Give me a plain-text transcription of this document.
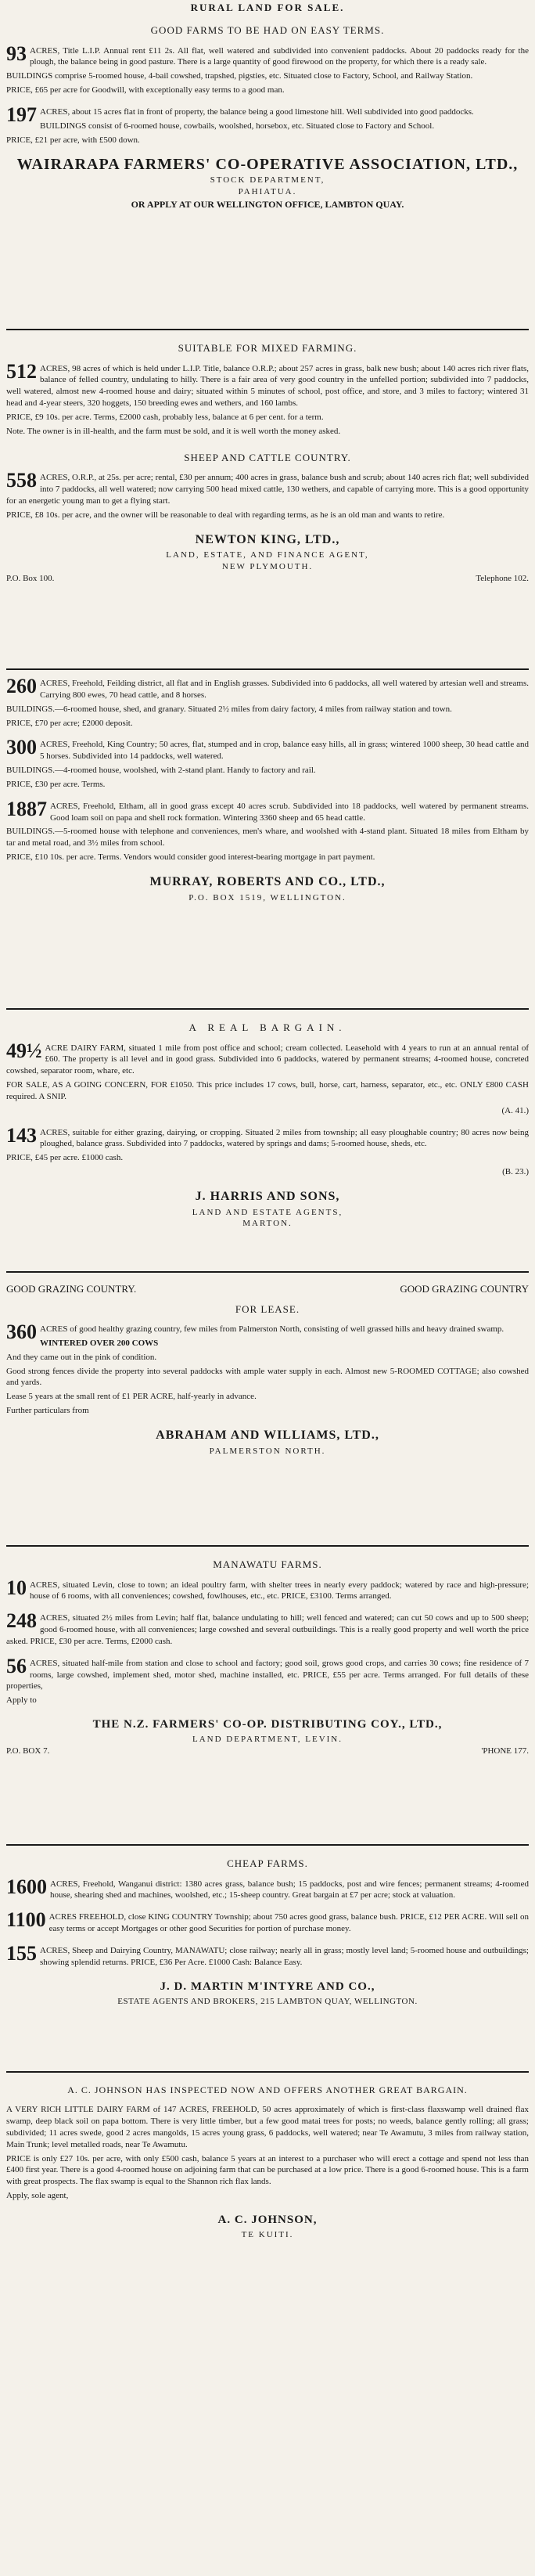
RURAL LAND FOR SALE.
GOOD FARMS TO BE HAD ON EASY TERMS.
93 ACRES, Title L.I.P. Annual rent £11 2s. All flat, well watered and subdivided into convenient paddocks. About 20 paddocks ready for the plough, the balance being in good pasture. There is a large quantity of good firewood on the property, for which there is a ready sale.

BUILDINGS comprise 5-roomed house, 4-bail cowshed, trapshed, pigsties, etc. Situated close to Factory, School, and Railway Station.

PRICE, £65 per acre for Goodwill, with exceptionally easy terms to a good man.

197 ACRES, about 15 acres flat in front of property, the balance being a good limestone hill. Well subdivided into good paddocks.

BUILDINGS consist of 6-roomed house, cowbails, woolshed, horsebox, etc. Situated close to Factory and School.

PRICE, £21 per acre, with £500 down.

WAIRARAPA FARMERS' CO-OPERATIVE ASSOCIATION, LTD.,
STOCK DEPARTMENT,
PAHIATUA.
OR APPLY AT OUR WELLINGTON OFFICE, LAMBTON QUAY.
SUITABLE FOR MIXED FARMING.
512 ACRES, 98 acres of which is held under L.I.P. Title, balance O.R.P.; about 257 acres in grass, balk new bush; about 140 acres rich river flats, balance of felled country, undulating to hilly. There is a fair area of very good country in the unfelled portion; subdivided into 7 paddocks, well watered, almost new 4-roomed house and dairy; situated within 5 minutes of school, post office, and store, and 3 miles to factory; wintered 31 head and 4-year steers, 320 hoggets, 150 breeding ewes and wethers, and 160 lambs.

PRICE, £9 10s. per acre. Terms, £2000 cash, probably less, balance at 6 per cent. for a term.

Note. The owner is in ill-health, and the farm must be sold, and it is well worth the money asked.

SHEEP AND CATTLE COUNTRY.
558 ACRES, O.R.P., at 25s. per acre; rental, £30 per annum; 400 acres in grass, balance bush and scrub; about 140 acres rich flat; well subdivided into 7 paddocks, all well watered; now carrying 500 head mixed cattle, 130 wethers, and capable of carrying more. This is a good opportunity for an energetic young man to get a flying start.

PRICE, £8 10s. per acre, and the owner will be reasonable to deal with regarding terms, as he is an old man and wants to retire.

NEWTON KING, LTD.,
LAND, ESTATE, AND FINANCE AGENT,
NEW PLYMOUTH.
P.O. Box 100.	Telephone 102.
260 ACRES, Freehold, Feilding district, all flat and in English grasses. Subdivided into 6 paddocks, all well watered by artesian well and streams. Carrying 800 ewes, 70 head cattle, and 8 horses.

BUILDINGS.—6-roomed house, shed, and granary. Situated 2½ miles from dairy factory, 4 miles from railway station and town.

PRICE, £70 per acre; £2000 deposit.

300 ACRES, Freehold, King Country; 50 acres, flat, stumped and in crop, balance easy hills, all in grass; wintered 1000 sheep, 30 head cattle and 5 horses. Subdivided into 14 paddocks, well watered.

BUILDINGS.—4-roomed house, woolshed, with 2-stand plant. Handy to factory and rail.

PRICE, £30 per acre. Terms.

1887 ACRES, Freehold, Eltham, all in good grass except 40 acres scrub. Subdivided into 18 paddocks, well watered by permanent streams. Good loam soil on papa and shell rock formation. Wintering 3360 sheep and 65 head cattle.

BUILDINGS.—5-roomed house with telephone and conveniences, men's whare, and woolshed with 4-stand plant. Situated 18 miles from Eltham by tar and metal road, and 3½ miles from school.

PRICE, £10 10s. per acre. Terms. Vendors would consider good interest-bearing mortgage in part payment.

MURRAY, ROBERTS AND CO., LTD.,
P.O. BOX 1519, WELLINGTON.
A REAL BARGAIN.
49½ ACRE DAIRY FARM, situated 1 mile from post office and school; cream collected. Leasehold with 4 years to run at an annual rental of £60. The property is all level and in good grass. Subdivided into 6 paddocks, watered by permanent streams; 4-roomed house, concreted cowshed, separator room, whare, etc.

FOR SALE, AS A GOING CONCERN, FOR £1050. This price includes 17 cows, bull, horse, cart, harness, separator, etc., etc. ONLY £800 CASH required. A SNIP.

(A. 41.)

143 ACRES, suitable for either grazing, dairying, or cropping. Situated 2 miles from township; all easy ploughable country; 80 acres now being ploughed, balance grass. Subdivided into 7 paddocks, watered by springs and dams; 5-roomed house, sheds, etc.

PRICE, £45 per acre. £1000 cash.

(B. 23.)

J. HARRIS AND SONS,
LAND AND ESTATE AGENTS,
MARTON.
GOOD GRAZING COUNTRY.	GOOD GRAZING COUNTRY
FOR LEASE.
360 ACRES of good healthy grazing country, few miles from Palmerston North, consisting of well grassed hills and heavy drained swamp.

WINTERED OVER 200 COWS

And they came out in the pink of condition.

Good strong fences divide the property into several paddocks with ample water supply in each. Almost new 5-ROOMED COTTAGE; also cowshed and yards.

Lease 5 years at the small rent of £1 PER ACRE, half-yearly in advance.

Further particulars from

ABRAHAM AND WILLIAMS, LTD.,
PALMERSTON NORTH.
MANAWATU FARMS.
10 ACRES, situated Levin, close to town; an ideal poultry farm, with shelter trees in nearly every paddock; watered by race and high-pressure; house of 6 rooms, with all conveniences; cowshed, fowlhouses, etc., etc. PRICE, £3100. Terms arranged.

248 ACRES, situated 2½ miles from Levin; half flat, balance undulating to hill; well fenced and watered; can cut 50 cows and up to 500 sheep; good 6-roomed house, with all conveniences; large cowshed and several outbuildings. This is a really good property and well worth the price asked. PRICE, £30 per acre. Terms, £2000 cash.

56 ACRES, situated half-mile from station and close to school and factory; good soil, grows good crops, and carries 30 cows; fine residence of 7 rooms, large cowshed, implement shed, motor shed, machine installed, etc. PRICE, £55 per acre. Terms arranged. For full details of these properties,

Apply to

THE N.Z. FARMERS' CO-OP. DISTRIBUTING COY., LTD.,
LAND DEPARTMENT, LEVIN.
P.O. BOX 7.	'PHONE 177.
CHEAP FARMS.
1600 ACRES, Freehold, Wanganui district: 1380 acres grass, balance bush; 15 paddocks, post and wire fences; permanent streams; 4-roomed house, shearing shed and machines, woolshed, etc.; 15-sheep country. Great bargain at £7 per acre; stock at valuation.

1100 ACRES FREEHOLD, close KING COUNTRY Township; about 750 acres good grass, balance bush. PRICE, £12 PER ACRE. Will sell on easy terms or accept Mortgages or other good Securities for portion of purchase money.

155 ACRES, Sheep and Dairying Country, MANAWATU; close railway; nearly all in grass; mostly level land; 5-roomed house and outbuildings; showing splendid returns. PRICE, £36 Per Acre. £1000 Cash: Balance Easy.

J. D. MARTIN M'INTYRE AND CO.,
ESTATE AGENTS AND BROKERS, 215 LAMBTON QUAY, WELLINGTON.
A. C. JOHNSON HAS INSPECTED NOW AND OFFERS ANOTHER GREAT BARGAIN.

A VERY RICH LITTLE DAIRY FARM of 147 ACRES, FREEHOLD, 50 acres approximately of which is first-class flaxswamp well drained flax swamp, deep black soil on papa bottom. There is very little timber, but a few good matai trees for posts; no weeds, balance gently rolling; all grass; subdivided; 11 acres swede, good 2 acres mangolds, 15 acres young grass, 6 paddocks, well watered; near Te Awamutu, 3 miles from railway station, Main Trunk; level metalled roads, near Te Awamutu.

PRICE is only £27 10s. per acre, with only £500 cash, balance 5 years at an interest to a purchaser who will erect a cottage and spend not less than £400 first year. There is a good 4-roomed house on adjoining farm that can be purchased at a low price. There is a good 6-roomed house. This is a farm with great prospects. The flax swamp is equal to the Shannon rich flax lands.

Apply, sole agent,

A. C. JOHNSON,
TE KUITI.
